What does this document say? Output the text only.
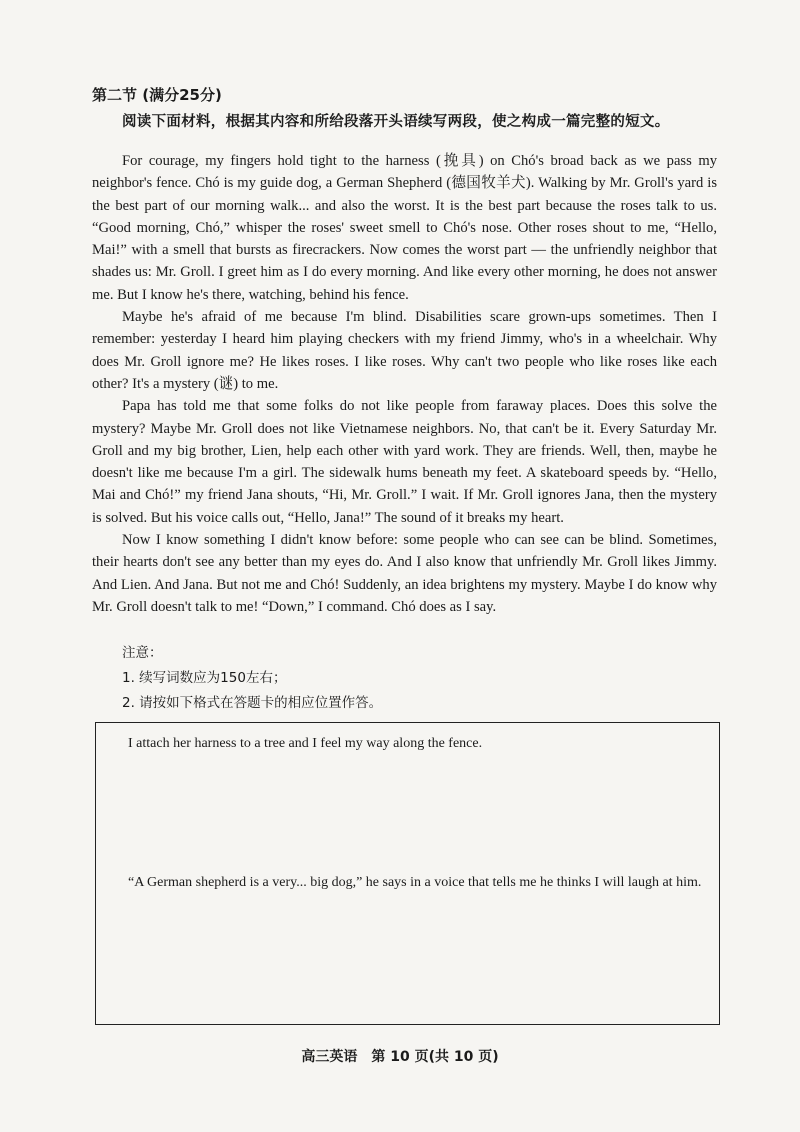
第二节 (满分25分)
阅读下面材料，根据其内容和所给段落开头语续写两段，使之构成一篇完整的短文。

For courage, my fingers hold tight to the harness (挽具) on Chó's broad back as we pass my neighbor's fence. Chó is my guide dog, a German Shepherd (德国牧羊犬). Walking by Mr. Groll's yard is the best part of our morning walk... and also the worst. It is the best part because the roses talk to us. “Good morning, Chó,” whisper the roses' sweet smell to Chó's nose. Other roses shout to me, “Hello, Mai!” with a smell that bursts as firecrackers. Now comes the worst part — the unfriendly neighbor that shades us: Mr. Groll. I greet him as I do every morning. And like every other morning, he does not answer me. But I know he's there, watching, behind his fence.

Maybe he's afraid of me because I'm blind. Disabilities scare grown-ups sometimes. Then I remember: yesterday I heard him playing checkers with my friend Jimmy, who's in a wheelchair. Why does Mr. Groll ignore me? He likes roses. I like roses. Why can't two people who like roses like each other? It's a mystery (谜) to me.

Papa has told me that some folks do not like people from faraway places. Does this solve the mystery? Maybe Mr. Groll does not like Vietnamese neighbors. No, that can't be it. Every Saturday Mr. Groll and my big brother, Lien, help each other with yard work. They are friends. Well, then, maybe he doesn't like me because I'm a girl. The sidewalk hums beneath my feet. A skateboard speeds by. “Hello, Mai and Chó!” my friend Jana shouts, “Hi, Mr. Groll.” I wait. If Mr. Groll ignores Jana, then the mystery is solved. But his voice calls out, “Hello, Jana!” The sound of it breaks my heart.

Now I know something I didn't know before: some people who can see can be blind. Sometimes, their hearts don't see any better than my eyes do. And I also know that unfriendly Mr. Groll likes Jimmy. And Lien. And Jana. But not me and Chó! Suddenly, an idea brightens my mystery. Maybe I do know why Mr. Groll doesn't talk to me! “Down,” I command. Chó does as I say.

注意：
1. 续写词数应为150左右；
2. 请按如下格式在答题卡的相应位置作答。
I attach her harness to a tree and I feel my way along the fence.
“A German shepherd is a very... big dog,” he says in a voice that tells me he thinks I will laugh at him.
高三英语　第 10 页(共 10 页)
